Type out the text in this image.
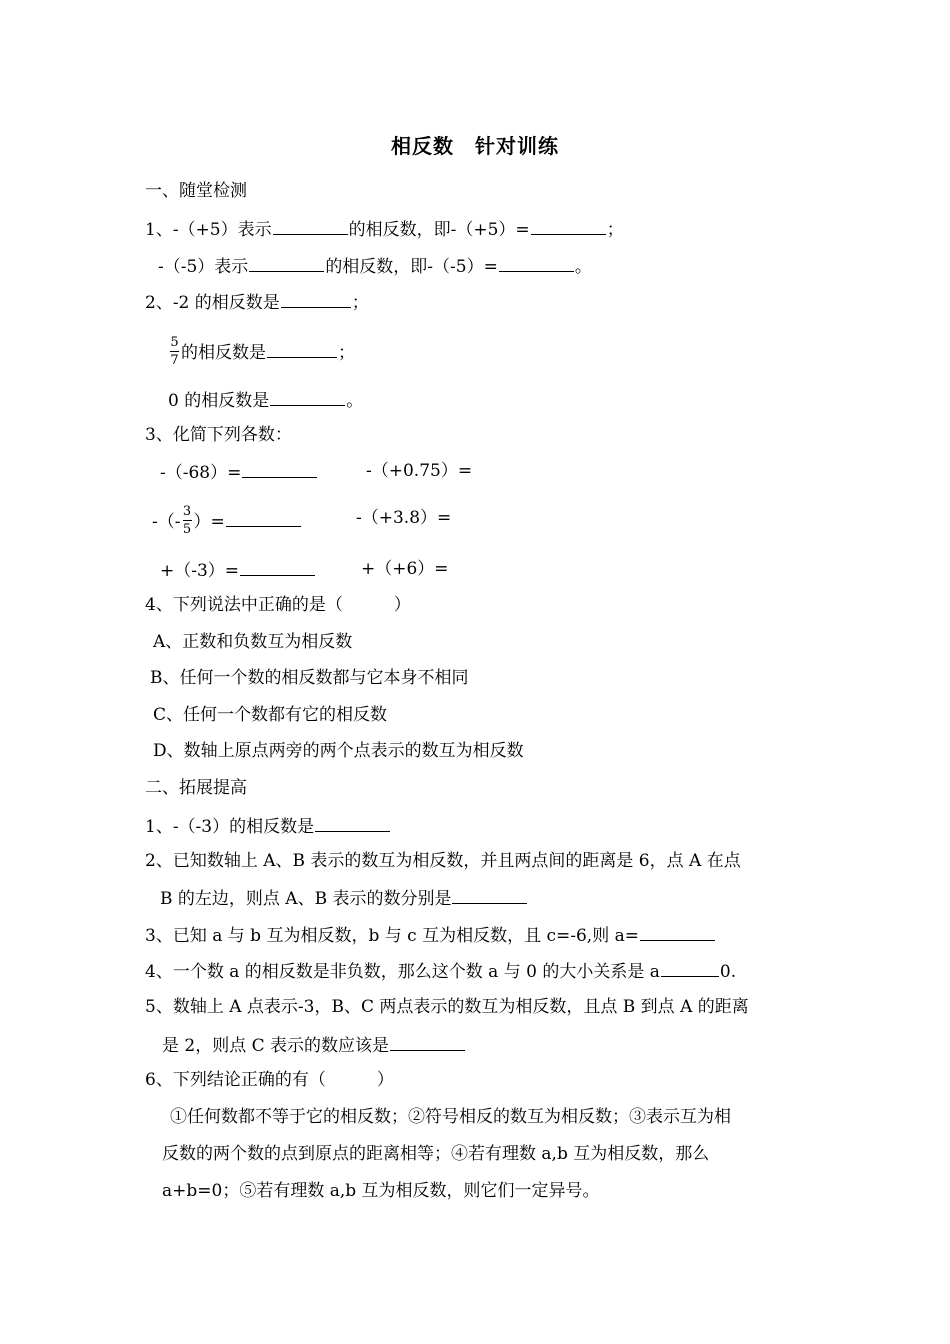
相反数　针对训练
一、随堂检测
1、-（+5）表示	的相反数，即-（+5）=	；
-（-5）表示	的相反数，即-（-5）=	。
2、-2 的相反数是	；
$\frac{5}{7}$ 的相反数是	；
0 的相反数是	。
3、化简下列各数：
-（-68）=	-（+0.75）=
-（- $\frac{3}{5}$ ）=	-（+3.8）=
+（-3）=	+（+6）=
4、下列说法中正确的是（　　　）
A、正数和负数互为相反数
B、任何一个数的相反数都与它本身不相同
C、任何一个数都有它的相反数
D、数轴上原点两旁的两个点表示的数互为相反数
二、拓展提高
1、-（-3）的相反数是
2、已知数轴上 A、B 表示的数互为相反数，并且两点间的距离是 6，点 A 在点
B 的左边，则点 A、B 表示的数分别是
3、已知 a 与 b 互为相反数，b 与 c 互为相反数，且 c=-6,则 a=
4、一个数 a 的相反数是非负数，那么这个数 a 与 0 的大小关系是 a	0.
5、数轴上 A 点表示-3，B、C 两点表示的数互为相反数，且点 B 到点 A 的距离
是 2，则点 C 表示的数应该是
6、下列结论正确的有（　　　）
①任何数都不等于它的相反数；②符号相反的数互为相反数；③表示互为相
反数的两个数的点到原点的距离相等；④若有理数 a,b 互为相反数，那么
a+b=0；⑤若有理数 a,b 互为相反数，则它们一定异号。
